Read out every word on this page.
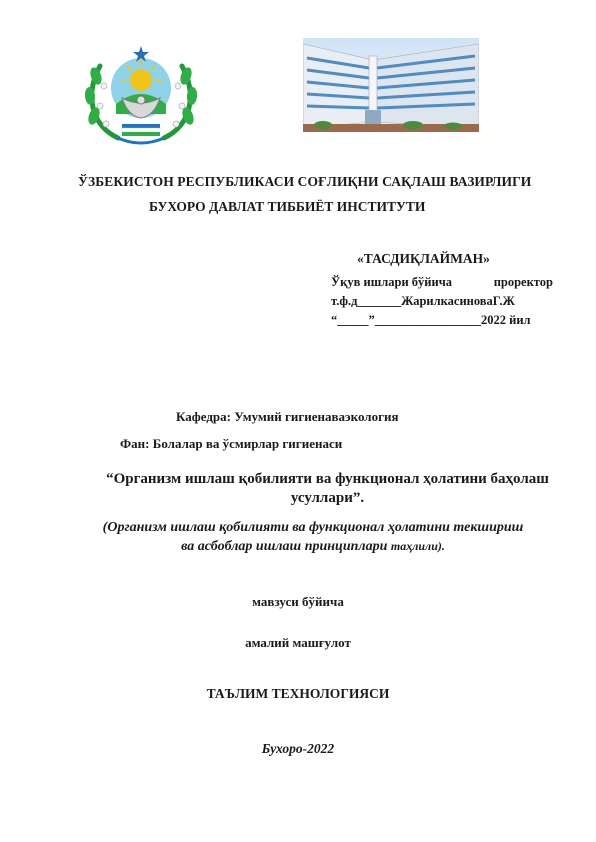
ЎЗБЕКИСТОН РЕСПУБЛИКАСИ СОҒЛИҚНИ САҚЛАШ ВАЗИРЛИГИ
БУХОРО ДАВЛАТ ТИББИЁТ ИНСТИТУТИ
«ТАСДИҚЛАЙМАН»
Ўқув ишлари бўйича	проректор
т.ф.д_______ЖарилкасиноваГ.Ж
“_____”_________________2022 йил
Кафедра: Умумий гигиенаваэкология
Фан: Болалар ва ўсмирлар гигиенаси
“Организм ишлаш қобилияти ва функционал ҳолатини баҳолаш усуллари”.
(Организм ишлаш қобилияти ва функционал ҳолатини текшириш ва асбоблар ишлаш принциплари таҳлили).
мавзуси бўйича
амалий машғулот
ТАЪЛИМ ТЕХНОЛОГИЯСИ
Бухоро-2022
